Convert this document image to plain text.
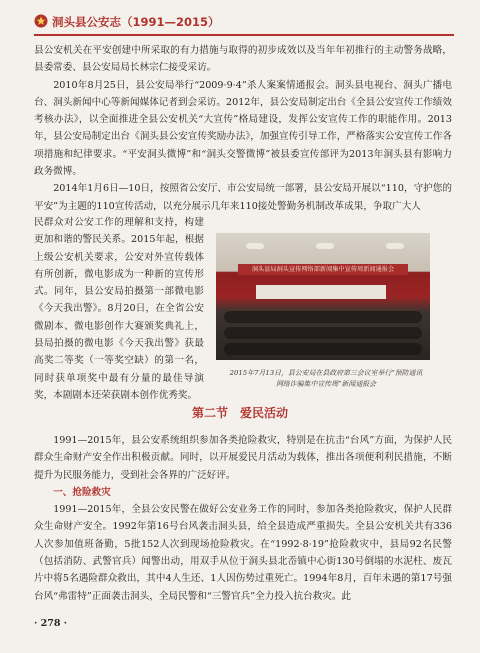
洞头县公安志（1991—2015）

县公安机关在平安创建中所采取的有力措施与取得的初步成效以及当年年初推行的主动警务战略，县委常委、县公安局局长林宗仁接受采访。

2010年8月25日，县公安局举行“2009·9·4”杀人案案情通报会。洞头县电视台、洞头广播电台、洞头新闻中心等新闻媒体记者到会采访。2012年，县公安局制定出台《全县公安宣传工作绩效考核办法》，以全面推进全县公安机关“大宣传”格局建设，发挥公安宣传工作的职能作用。2013年，县公安局制定出台《洞头县公安宣传奖励办法》，加强宣传引导工作，严格落实公安宣传工作各项措施和纪律要求。“平安洞头微博”和“洞头交警微博”被县委宣传部评为2013年洞头县有影响力政务微博。

2014年1月6日—10日，按照省公安厅、市公安局统一部署，县公安局开展以“110，守护您的平安”为主题的110宣传活动，以充分展示几年来110接处警勤务机制改革成果，争取广大人

民群众对公安工作的理解和支持，构建更加和谐的警民关系。2015年起，根据上级公安机关要求，公安对外宣传载体有所创新，微电影成为一种新的宣传形式。同年，县公安局拍摄第一部微电影《今天我出警》。8月20日，在全省公安微剧本、微电影创作大赛颁奖典礼上，县局拍摄的微电影《今天我出警》获最高奖二等奖（一等奖空缺）的第一名，同时获单项奖中最有分量的最佳导演奖，本剧剧本还荣获剧本创作优秀奖。

洞头县局洞头宣传网络部新闻集中宣传周新闻通报会
2015年7月13日，县公安局在县政府第三会议室举行“预防通讯网络诈骗集中宣传周”新闻通报会
第二节　爱民活动

1991—2015年，县公安系统组织参加各类抢险救灾，特别是在抗击“台风”方面，为保护人民群众生命财产安全作出积极贡献。同时，以开展爱民月活动为载体，推出各项便利利民措施，不断提升为民服务能力，受到社会各界的广泛好评。

一、抢险救灾

1991—2015年，全县公安民警在做好公安业务工作的同时，参加各类抢险救灾，保护人民群众生命财产安全。1992年第16号台风袭击洞头县，给全县造成严重损失。全县公安机关共有336人次参加值班备勤，5批152人次到现场抢险救灾。在“1992·8·19”抢险救灾中，县局92名民警（包括消防、武警官兵）闻警出动，用双手从位于洞头县北岙镇中心街130号倒塌的水泥柱、废瓦片中将5名遇险群众救出，其中4人生还、1人因伤势过重死亡。1994年8月，百年未遇的第17号强台风“弗雷特”正面袭击洞头，全局民警和“三警官兵”全力投入抗台救灾。此

· 278 ·
